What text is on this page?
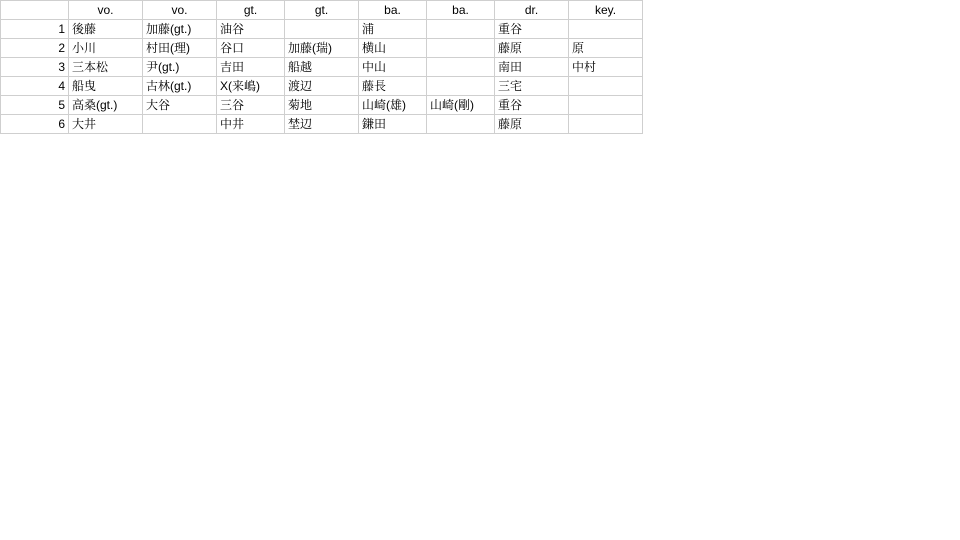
	vo.	vo.	gt.	gt.	ba.	ba.	dr.	key.
1	後藤	加藤(gt.)	油谷		浦		重谷	
2	小川	村田(理)	谷口	加藤(瑞)	横山		藤原	原
3	三本松	尹(gt.)	吉田	船越	中山		南田	中村
4	船曳	古林(gt.)	X(来嶋)	渡辺	藤長		三宅	
5	高桑(gt.)	大谷	三谷	菊地	山崎(雄)	山崎(剛)	重谷	
6	大井		中井	埜辺	鎌田		藤原	
